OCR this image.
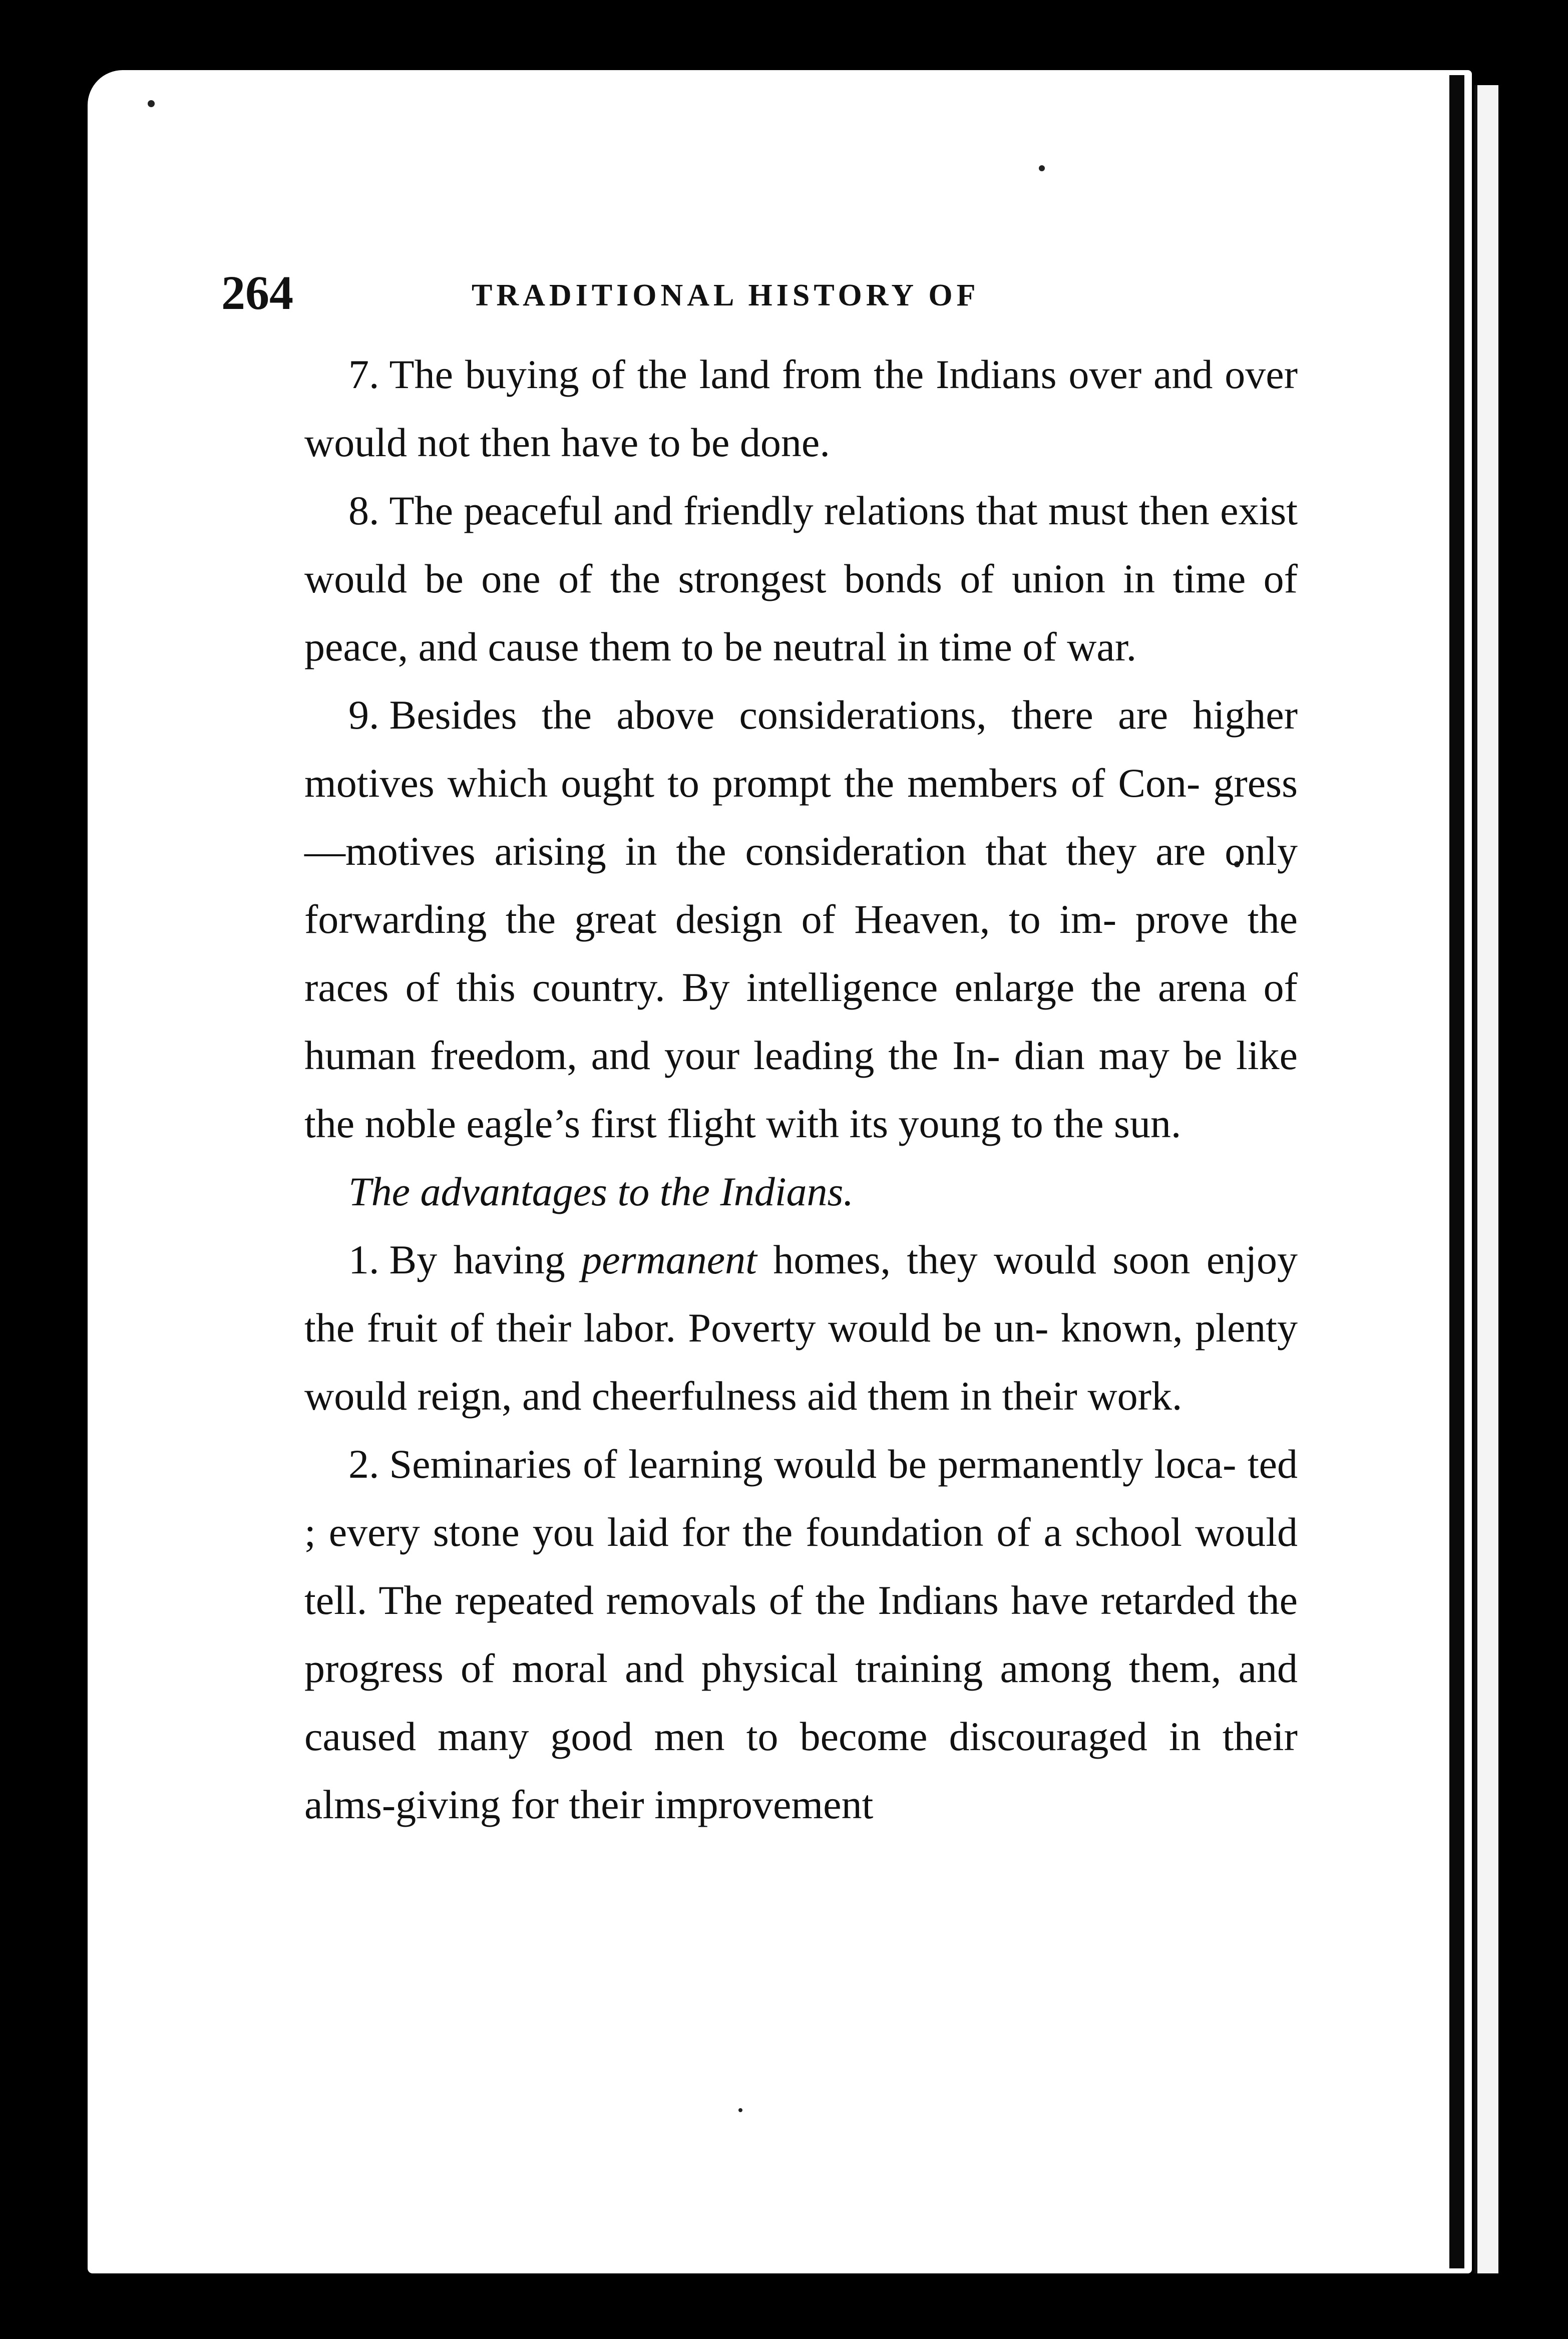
264	TRADITIONAL HISTORY OF

7. The buying of the land from the Indians over and over would not then have to be done.

8. The peaceful and friendly relations that must then exist would be one of the strongest bonds of union in time of peace, and cause them to be neutral in time of war.

9. Besides the above considerations, there are higher motives which ought to prompt the members of Con- gress—motives arising in the consideration that they are only forwarding the great design of Heaven, to im- prove the races of this country. By intelligence enlarge the arena of human freedom, and your leading the In- dian may be like the noble eagle’s first flight with its young to the sun.

The advantages to the Indians.

1. By having permanent homes, they would soon enjoy the fruit of their labor. Poverty would be un- known, plenty would reign, and cheerfulness aid them in their work.

2. Seminaries of learning would be permanently loca- ted ; every stone you laid for the foundation of a school would tell. The repeated removals of the Indians have retarded the progress of moral and physical training among them, and caused many good men to become discouraged in their alms-giving for their improvement
